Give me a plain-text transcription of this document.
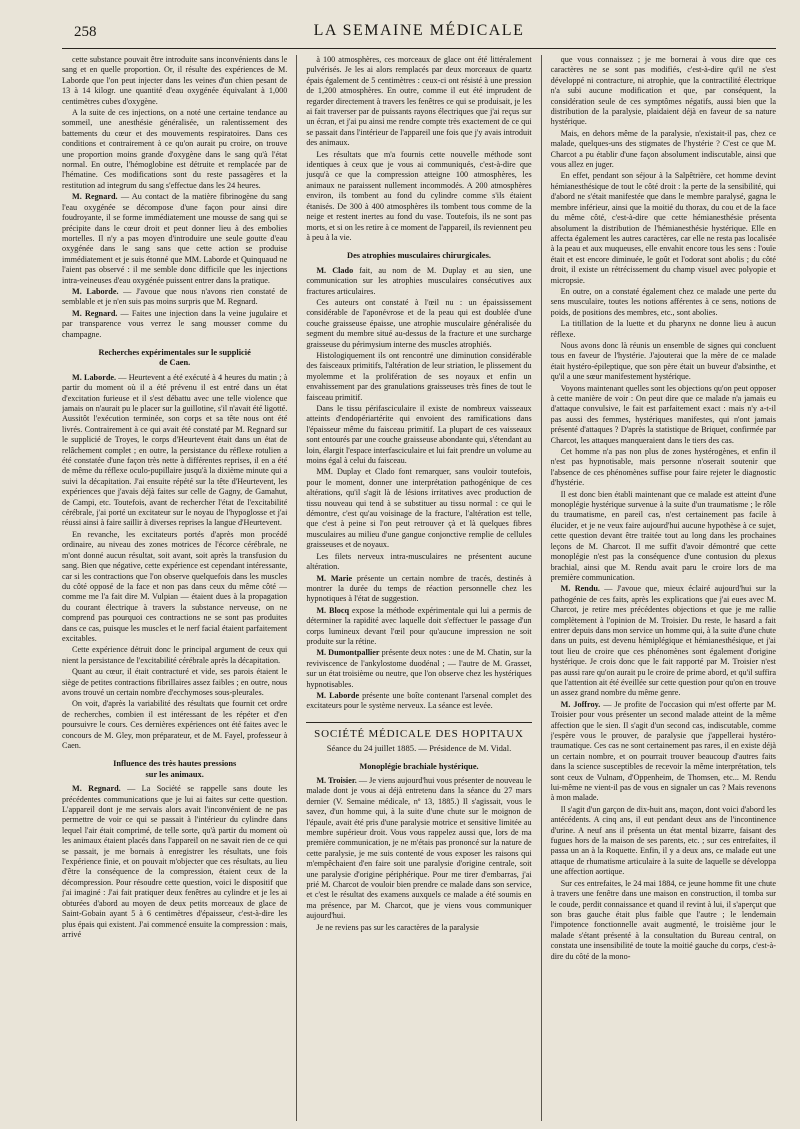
258	LA SEMAINE MÉDICALE

cette substance pouvait être introduite sans inconvénients dans le sang et en quelle proportion. Or, il résulte des expériences de M. Laborde que l'on peut injecter dans les veines d'un chien pesant de 13 à 14 kilogr. une quantité d'eau oxygénée équivalant à 1,000 centimètres cubes d'oxygène.

A la suite de ces injections, on a noté une certaine tendance au sommeil, une anesthésie généralisée, un ralentissement des battements du cœur et des mouvements respiratoires. Dans ces conditions et contrairement à ce qu'on aurait pu croire, on trouve une proportion moins grande d'oxygène dans le sang qu'à l'état normal. En outre, l'hémoglobine est détruite et remplacée par de l'hématine. Ces modifications sont du reste passagères et la restitution ad integrum du sang s'effectue dans les 24 heures.

M. Regnard. — Au contact de la matière fibrinogène du sang l'eau oxygénée se décompose d'une façon pour ainsi dire foudroyante, il se forme immédiatement une mousse de sang qui se précipite dans le cœur droit et peut donner lieu à des embolies mortelles. Il n'y a pas moyen d'introduire une seule goutte d'eau oxygénée dans le sang sans que cette action se produise immédiatement et je suis étonné que MM. Laborde et Quinquaud ne l'aient pas observé : il me semble donc difficile que les injections intra-veineuses d'eau oxygénée puissent entrer dans la pratique.

M. Laborde. — J'avoue que nous n'avons rien constaté de semblable et je n'en suis pas moins surpris que M. Regnard.

M. Regnard. — Faites une injection dans la veine jugulaire et par transparence vous verrez le sang mousser comme du champagne.

Recherches expérimentales sur le supplicié
de Caen.

M. Laborde. — Heurtevent a été exécuté à 4 heures du matin ; à partir du moment où il a été prévenu il est entré dans un état d'excitation furieuse et il s'est débattu avec une telle violence que jamais on n'aurait pu le placer sur la guillotine, s'il n'avait été ligotté. Aussitôt l'exécution terminée, son corps et sa tête nous ont été livrés. Contrairement à ce qui avait été constaté par M. Regnard sur le supplicié de Troyes, le corps d'Heurtevent était dans un état de relâchement complet ; en outre, la persistance du réflexe rotulien a été constatée d'une façon très nette à différentes reprises, il en a été de même du réflexe oculo-pupillaire jusqu'à la dixième minute qui a suivi la décapitation. J'ai ensuite répété sur la tête d'Heurtevent, les expériences que j'avais déjà faites sur celle de Gagny, de Gamahut, de Campi, etc. Toutefois, avant de rechercher l'état de l'excitabilité cérébrale, j'ai porté un excitateur sur le noyau de l'hypoglosse et j'ai réussi ainsi à faire saillir à diverses reprises la langue d'Heurtevent.

En revanche, les excitateurs portés d'après mon procédé ordinaire, au niveau des zones motrices de l'écorce cérébrale, ne m'ont donné aucun résultat, soit avant, soit après la transfusion du sang. Bien que négative, cette expérience est cependant intéressante, car si les contractions que l'on observe quelquefois dans les muscles du côté opposé de la face et non pas dans ceux du même côté — comme me l'a fait dire M. Vulpian — étaient dues à la propagation du courant électrique à travers la substance nerveuse, on ne comprend pas pourquoi ces contractions ne se sont pas produites dans ce cas, puisque les muscles et le nerf facial étaient parfaitement excitables.

Cette expérience détruit donc le principal argument de ceux qui nient la persistance de l'excitabilité cérébrale après la décapitation.

Quant au cœur, il était contracturé et vide, ses parois étaient le siège de petites contractions fibrillaires assez faibles ; en outre, nous avons trouvé un certain nombre d'ecchymoses sous-pleurales.

On voit, d'après la variabilité des résultats que fournit cet ordre de recherches, combien il est intéressant de les répéter et d'en poursuivre le cours. Ces dernières expériences ont été faites avec le concours de M. Gley, mon préparateur, et de M. Fayel, professeur à Caen.

Influence des très hautes pressions
sur les animaux.

M. Regnard. — La Société se rappelle sans doute les précédentes communications que je lui ai faites sur cette question. L'appareil dont je me servais alors avait l'inconvénient de ne pas permettre de voir ce qui se passait à l'intérieur du cylindre dans lequel l'air était comprimé, de telle sorte, qu'à partir du moment où les animaux étaient placés dans l'appareil on ne savait rien de ce qui se passait, je me bornais à enregistrer les résultats, une fois l'expérience finie, et on pouvait m'objecter que ces résultats, au lieu d'être la conséquence de la compression, étaient ceux de la décompression. Pour résoudre cette question, voici le dispositif que j'ai imaginé : J'ai fait pratiquer deux fenêtres au cylindre et je les ai obturées d'abord au moyen de deux petits morceaux de glace de Saint-Gobain ayant 5 à 6 centimètres d'épaisseur, c'est-à-dire les plus épais qui existent. J'ai commencé ensuite la compression : mais, arrivé

à 100 atmosphères, ces morceaux de glace ont été littéralement pulvérisés. Je les ai alors remplacés par deux morceaux de quartz épais également de 5 centimètres : ceux-ci ont résisté à une pression de 1,200 atmosphères. En outre, comme il eut été imprudent de regarder directement à travers les fenêtres ce qui se produisait, je les ai fait traverser par de puissants rayons électriques que j'ai reçus sur un écran, et j'ai pu ainsi me rendre compte très exactement de ce qui se passait dans l'intérieur de l'appareil une fois que j'y avais introduit des animaux.

Les résultats que m'a fournis cette nouvelle méthode sont identiques à ceux que je vous ai communiqués, c'est-à-dire que jusqu'à ce que la compression atteigne 100 atmosphères, les animaux ne paraissent nullement incommodés. A 200 atmosphères environ, ils tombent au fond du cylindre comme s'ils étaient étanisés. De 300 à 400 atmosphères ils tombent tous comme de la neige et restent inertes au fond du vase. Toutefois, ils ne sont pas morts, et si on les retire à ce moment de l'appareil, ils reviennent peu à peu à la vie.

Des atrophies musculaires chirurgicales.

M. Clado fait, au nom de M. Duplay et au sien, une communication sur les atrophies musculaires consécutives aux fractures articulaires.

Ces auteurs ont constaté à l'œil nu : un épaississement considérable de l'aponévrose et de la peau qui est doublée d'une couche graisseuse épaisse, une atrophie musculaire généralisée du segment du membre situé au-dessus de la fracture et une surcharge graisseuse du périmysium interne des muscles atrophiés.

Histologiquement ils ont rencontré une diminution considérable des faisceaux primitifs, l'altération de leur striation, le plissement du myolemme et la prolifération de ses noyaux et enfin un envahissement par des granulations graisseuses très fines de tout le faisceau primitif.

Dans le tissu périfasciculaire il existe de nombreux vaisseaux atteints d'endopériartérite qui envoient des ramifications dans l'épaisseur même du faisceau primitif. La plupart de ces vaisseaux sont entourés par une couche graisseuse abondante qui, s'étendant au loin, élargit l'espace interfasciculaire et lui fait prendre un volume au moins égal à celui du faisceau.

MM. Duplay et Clado font remarquer, sans vouloir toutefois, pour le moment, donner une interprétation pathogénique de ces altérations, qu'il s'agit là de lésions irritatives avec production de tissu nouveau qui tend à se substituer au tissu normal : ce qui le démontre, c'est qu'au voisinage de la fracture, l'altération est telle, que c'est à peine si l'on peut retrouver çà et là quelques fibres musculaires au milieu d'une gangue conjonctive remplie de cellules graisseuses et de noyaux.

Les filets nerveux intra-musculaires ne présentent aucune altération.

M. Marie présente un certain nombre de tracés, destinés à montrer la durée du temps de réaction personnelle chez les hypnotiques à l'état de suggestion.

M. Blocq expose la méthode expérimentale qui lui a permis de déterminer la rapidité avec laquelle doit s'effectuer le passage d'un corps lumineux devant l'œil pour qu'aucune impression ne soit produite sur la rétine.

M. Dumontpallier présente deux notes : une de M. Chatin, sur la reviviscence de l'ankylostome duodénal ; — l'autre de M. Grasset, sur un état troisième ou neutre, que l'on observe chez les hystériques hypnotisables.

M. Laborde présente une boîte contenant l'arsenal complet des excitateurs pour le système nerveux. La séance est levée.

SOCIÉTÉ MÉDICALE DES HOPITAUX
Séance du 24 juillet 1885. — Présidence de M. Vidal.
Monoplégie brachiale hystérique.

M. Troisier. — Je viens aujourd'hui vous présenter de nouveau le malade dont je vous ai déjà entretenu dans la séance du 27 mars dernier (V. Semaine médicale, nº 13, 1885.) Il s'agissait, vous le savez, d'un homme qui, à la suite d'une chute sur le moignon de l'épaule, avait été pris d'une paralysie motrice et sensitive limitée au membre supérieur droit. Vous vous rappelez aussi que, lors de ma première communication, je ne m'étais pas prononcé sur la nature de cette paralysie, je me suis contenté de vous exposer les raisons qui m'empêchaient d'en faire soit une paralysie d'origine centrale, soit une paralysie d'origine périphérique. Pour me tirer d'embarras, j'ai prié M. Charcot de vouloir bien prendre ce malade dans son service, et c'est le résultat des examens auxquels ce malade a été soumis en ma présence, par M. Charcot, que je viens vous communiquer aujourd'hui.

Je ne reviens pas sur les caractères de la paralysie

que vous connaissez ; je me bornerai à vous dire que ces caractères ne se sont pas modifiés, c'est-à-dire qu'il ne s'est développé ni contracture, ni atrophie, que la contractilité électrique n'a subi aucune modification et que, par conséquent, la considération seule de ces symptômes négatifs, aussi bien que la distribution de la paralysie, plaidaient déjà en faveur de sa nature hystérique.

Mais, en dehors même de la paralysie, n'existait-il pas, chez ce malade, quelques-uns des stigmates de l'hystérie ? C'est ce que M. Charcot a pu établir d'une façon absolument indiscutable, ainsi que vous allez en juger.

En effet, pendant son séjour à la Salpêtrière, cet homme devint hémianesthésique de tout le côté droit : la perte de la sensibilité, qui d'abord ne s'était manifestée que dans le membre paralysé, gagna le membre inférieur, ainsi que la moitié du thorax, du cou et de la face du même côté, c'est-à-dire que cette hémianesthésie présenta absolument la distribution de l'hémianesthésie hystérique. Elle en affecta également les autres caractères, car elle ne resta pas localisée à la peau et aux muqueuses, elle envahit encore tous les sens : l'ouïe était et est encore diminuée, le goût et l'odorat sont abolis ; du côté droit, il existe un rétrécissement du champ visuel avec polyopie et micropsie.

En outre, on a constaté également chez ce malade une perte du sens musculaire, toutes les notions afférentes à ce sens, notions de poids, de positions des membres, etc., sont abolies.

La titillation de la luette et du pharynx ne donne lieu à aucun réflexe.

Nous avons donc là réunis un ensemble de signes qui concluent tous en faveur de l'hystérie. J'ajouterai que la mère de ce malade était hystéro-épileptique, que son père était un buveur d'absinthe, et qu'il a une sœur manifestement hystérique.

Voyons maintenant quelles sont les objections qu'on peut opposer à cette manière de voir : On peut dire que ce malade n'a jamais eu d'attaque convulsive, le fait est parfaitement exact : mais n'y a-t-il pas aussi des femmes, hystériques manifestes, qui n'ont jamais présenté d'attaques ? D'après la statistique de Briquet, confirmée par Charcot, les attaques manqueraient dans le tiers des cas.

Cet homme n'a pas non plus de zones hystérogènes, et enfin il n'est pas hypnotisable, mais personne n'oserait soutenir que l'absence de ces phénomènes suffise pour faire rejeter le diagnostic d'hystérie.

Il est donc bien établi maintenant que ce malade est atteint d'une monoplégie hystérique survenue à la suite d'un traumatisme ; le rôle du traumatisme, en pareil cas, n'est certainement pas facile à élucider, et je ne veux faire aujourd'hui aucune hypothèse à ce sujet, cette question devant être traitée tout au long dans les prochaines leçons de M. Charcot. Il me suffit d'avoir démontré que cette monoplégie n'est pas la conséquence d'une contusion du plexus brachial, ainsi que M. Rendu avait paru le croire lors de ma première communication.

M. Rendu. — J'avoue que, mieux éclairé aujourd'hui sur la pathogénie de ces faits, après les explications que j'ai eues avec M. Charcot, je retire mes précédentes objections et que je me rallie complètement à l'opinion de M. Troisier. Du reste, le hasard a fait entrer depuis dans mon service un homme qui, à la suite d'une chute dans un puits, est devenu hémiplégique et hémianesthésique, et j'ai tout lieu de croire que ces phénomènes sont également d'origine hystérique. Je crois donc que le fait rapporté par M. Troisier n'est pas aussi rare qu'on aurait pu le croire de prime abord, et qu'il suffira que l'attention ait été éveillée sur cette question pour qu'on en trouve un assez grand nombre du même genre.

M. Joffroy. — Je profite de l'occasion qui m'est offerte par M. Troisier pour vous présenter un second malade atteint de la même affection que le sien. Il s'agit d'un second cas, indiscutable, comme j'espère vous le prouver, de paralysie que j'appellerai hystéro-traumatique. Ces cas ne sont certainement pas rares, il en existe déjà un certain nombre, et on pourrait trouver beaucoup d'autres faits dans la science susceptibles de recevoir la même interprétation, tels sont ceux de Vulnam, d'Oppenheim, de Thomsen, etc... M. Rendu lui-même ne vient-il pas de vous en signaler un cas ? Mais revenons à mon malade.

Il s'agit d'un garçon de dix-huit ans, maçon, dont voici d'abord les antécédents. A cinq ans, il eut pendant deux ans de l'incontinence d'urine. A neuf ans il présenta un état mental bizarre, faisant des fugues hors de la maison de ses parents, etc. ; sur ces entrefaites, il passa un an à la Roquette. Enfin, il y a deux ans, ce malade eut une attaque de rhumatisme articulaire à la suite de laquelle se développa une affection aortique.

Sur ces entrefaites, le 24 mai 1884, ce jeune homme fit une chute à travers une fenêtre dans une maison en construction, il tomba sur le coude, perdit connaissance et quand il revint à lui, il s'aperçut que son bras gauche était plus faible que l'autre ; le lendemain l'impotence fonctionnelle avait augmenté, le troisième jour le malade s'étant présenté à la consultation du Bureau central, on constata une insensibilité de toute la moitié gauche du corps, c'est-à-dire du côté de la mono-
